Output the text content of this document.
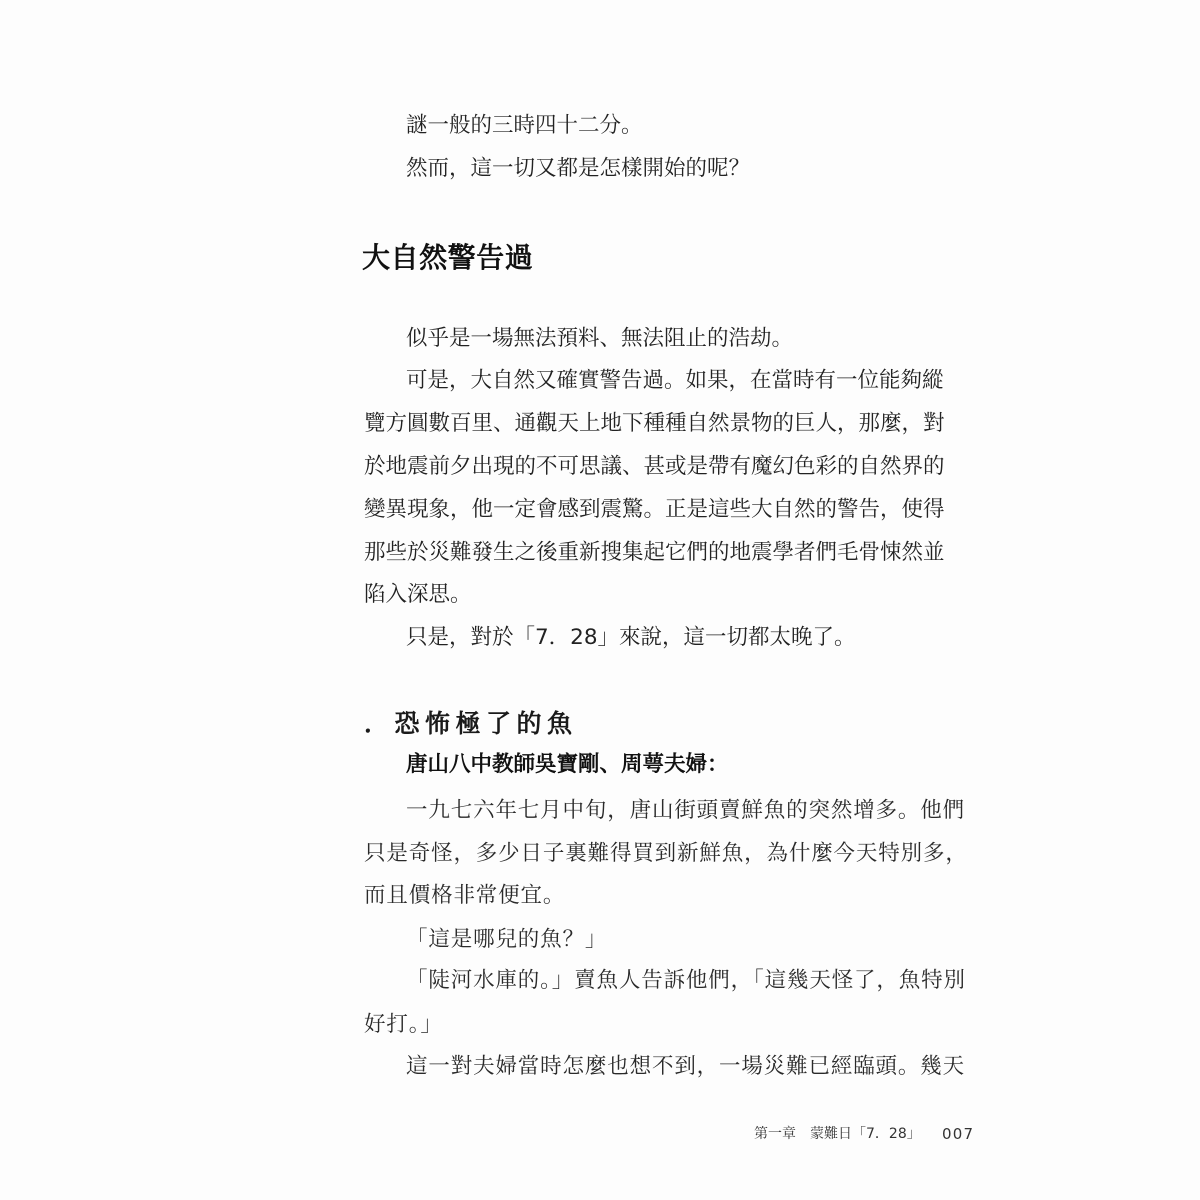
謎一般的三時四十二分。

然而，這一切又都是怎樣開始的呢？

大自然警告過

似乎是一場無法預料、無法阻止的浩劫。

可是，大自然又確實警告過。如果，在當時有一位能夠縱

覽方圓數百里、通觀天上地下種種自然景物的巨人，那麼，對

於地震前夕出現的不可思議、甚或是帶有魔幻色彩的自然界的

變異現象，他一定會感到震驚。正是這些大自然的警告，使得

那些於災難發生之後重新搜集起它們的地震學者們毛骨悚然並

陷入深思。

只是，對於「7．28」來說，這一切都太晚了。

．恐怖極了的魚

唐山八中教師吳寶剛、周萼夫婦：

一九七六年七月中旬，唐山街頭賣鮮魚的突然增多。他們

只是奇怪，多少日子裏難得買到新鮮魚，為什麼今天特別多，

而且價格非常便宜。

「這是哪兒的魚？」

「陡河水庫的。」賣魚人告訴他們，「這幾天怪了，魚特別

好打。」

這一對夫婦當時怎麼也想不到，一場災難已經臨頭。幾天

第一章　蒙難日「7．28」 007
